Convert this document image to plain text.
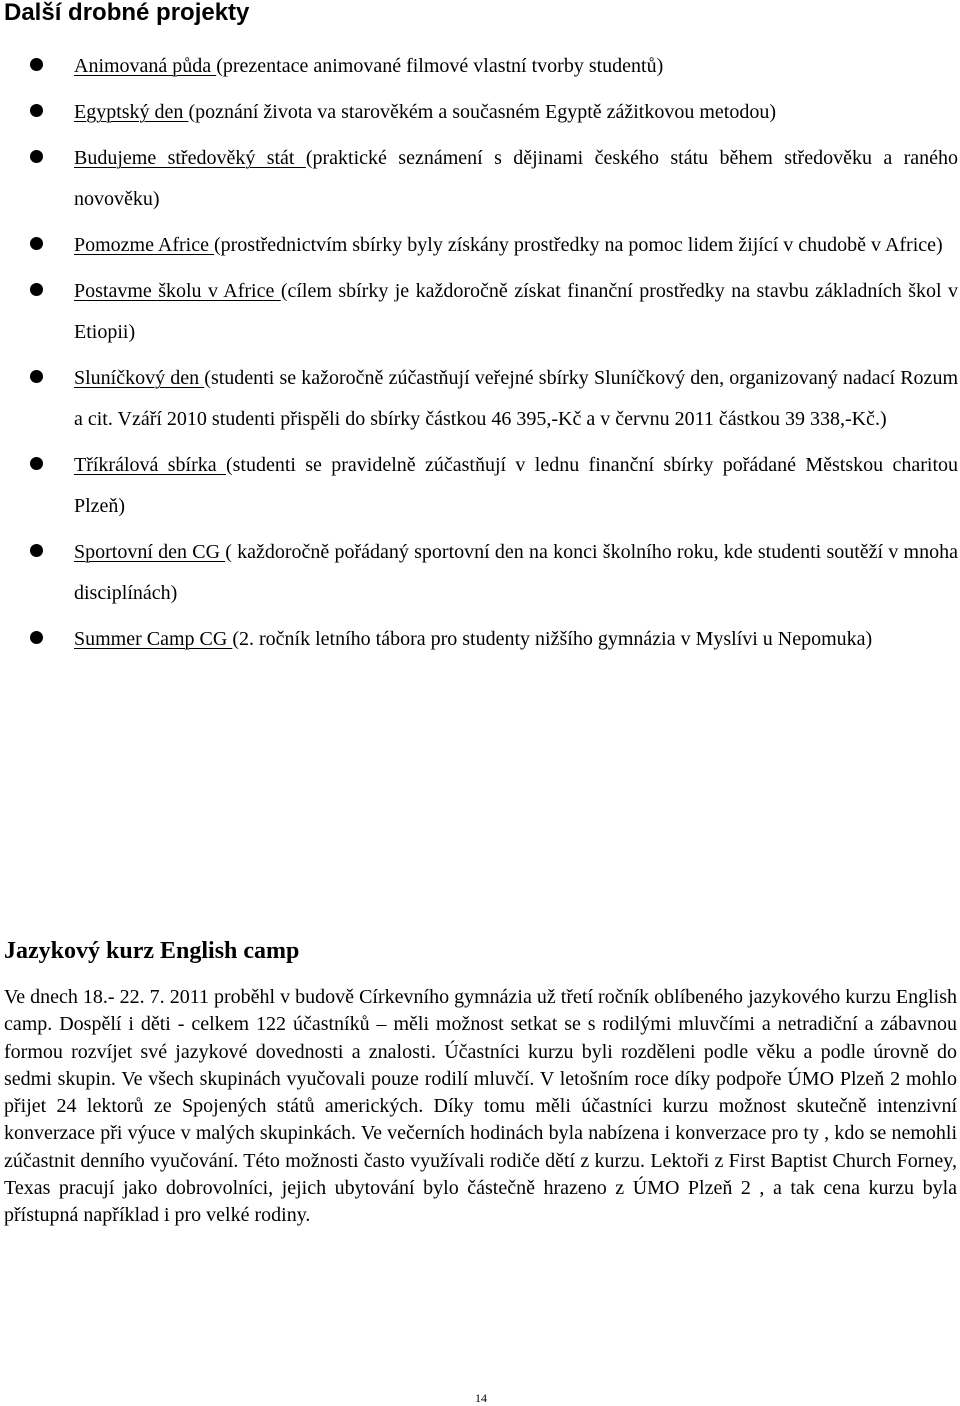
Další drobné projekty
Animovaná půda (prezentace animované filmové vlastní tvorby studentů)
Egyptský den (poznání života va starověkém a současném Egyptě zážitkovou metodou)
Budujeme středověký stát (praktické seznámení s dějinami českého státu během středověku a raného novověku)
Pomozme Africe (prostřednictvím sbírky byly získány prostředky na pomoc lidem žijící v chudobě v Africe)
Postavme školu v Africe (cílem sbírky je každoročně získat finanční prostředky na stavbu základních škol v Etiopii)
Sluníčkový den (studenti se kažoročně zúčastňují veřejné sbírky Sluníčkový den, organizovaný nadací Rozum a cit. Vzáří 2010 studenti přispěli do sbírky částkou 46 395,-Kč a v červnu 2011 částkou 39 338,-Kč.)
Tříkrálová sbírka (studenti se pravidelně zúčastňují v lednu finanční sbírky pořádané Městskou charitou Plzeň)
Sportovní den CG ( každoročně pořádaný sportovní den na konci školního roku, kde studenti soutěží v mnoha disciplínách)
Summer Camp CG (2. ročník letního tábora pro studenty nižšího gymnázia v Myslívi u Nepomuka)
Jazykový kurz English camp

Ve dnech 18.- 22. 7. 2011 proběhl v budově Církevního gymnázia už třetí ročník oblíbeného jazykového kurzu English camp. Dospělí i děti - celkem 122 účastníků – měli možnost setkat se s rodilými mluvčími a netradiční a zábavnou formou rozvíjet své jazykové dovednosti a znalosti. Účastníci kurzu byli rozděleni podle věku a podle úrovně do sedmi skupin. Ve všech skupinách vyučovali pouze rodilí mluvčí. V letošním roce díky podpoře ÚMO Plzeň 2 mohlo přijet 24 lektorů ze Spojených států amerických. Díky tomu měli účastníci kurzu možnost skutečně intenzivní konverzace při výuce v malých skupinkách. Ve večerních hodinách byla nabízena i konverzace pro ty , kdo se nemohli zúčastnit denního vyučování. Této možnosti často využívali rodiče dětí z kurzu. Lektoři z First Baptist Church Forney, Texas pracují jako dobrovolníci, jejich ubytování bylo částečně hrazeno z ÚMO Plzeň 2 , a tak cena kurzu byla přístupná například i pro velké rodiny.

14
